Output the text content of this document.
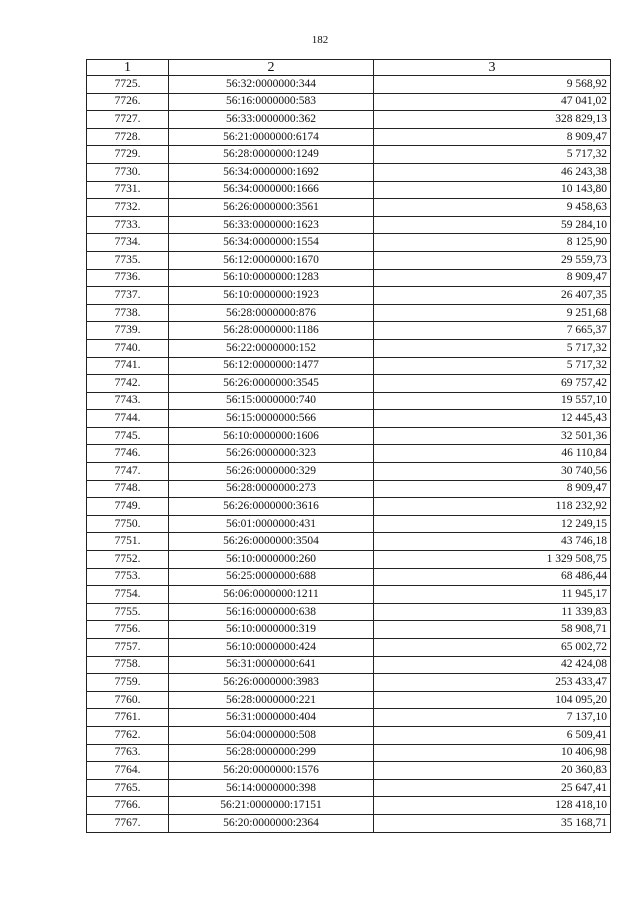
182
1	2	3
7725.	56:32:0000000:344	9 568,92
7726.	56:16:0000000:583	47 041,02
7727.	56:33:0000000:362	328 829,13
7728.	56:21:0000000:6174	8 909,47
7729.	56:28:0000000:1249	5 717,32
7730.	56:34:0000000:1692	46 243,38
7731.	56:34:0000000:1666	10 143,80
7732.	56:26:0000000:3561	9 458,63
7733.	56:33:0000000:1623	59 284,10
7734.	56:34:0000000:1554	8 125,90
7735.	56:12:0000000:1670	29 559,73
7736.	56:10:0000000:1283	8 909,47
7737.	56:10:0000000:1923	26 407,35
7738.	56:28:0000000:876	9 251,68
7739.	56:28:0000000:1186	7 665,37
7740.	56:22:0000000:152	5 717,32
7741.	56:12:0000000:1477	5 717,32
7742.	56:26:0000000:3545	69 757,42
7743.	56:15:0000000:740	19 557,10
7744.	56:15:0000000:566	12 445,43
7745.	56:10:0000000:1606	32 501,36
7746.	56:26:0000000:323	46 110,84
7747.	56:26:0000000:329	30 740,56
7748.	56:28:0000000:273	8 909,47
7749.	56:26:0000000:3616	118 232,92
7750.	56:01:0000000:431	12 249,15
7751.	56:26:0000000:3504	43 746,18
7752.	56:10:0000000:260	1 329 508,75
7753.	56:25:0000000:688	68 486,44
7754.	56:06:0000000:1211	11 945,17
7755.	56:16:0000000:638	11 339,83
7756.	56:10:0000000:319	58 908,71
7757.	56:10:0000000:424	65 002,72
7758.	56:31:0000000:641	42 424,08
7759.	56:26:0000000:3983	253 433,47
7760.	56:28:0000000:221	104 095,20
7761.	56:31:0000000:404	7 137,10
7762.	56:04:0000000:508	6 509,41
7763.	56:28:0000000:299	10 406,98
7764.	56:20:0000000:1576	20 360,83
7765.	56:14:0000000:398	25 647,41
7766.	56:21:0000000:17151	128 418,10
7767.	56:20:0000000:2364	35 168,71
